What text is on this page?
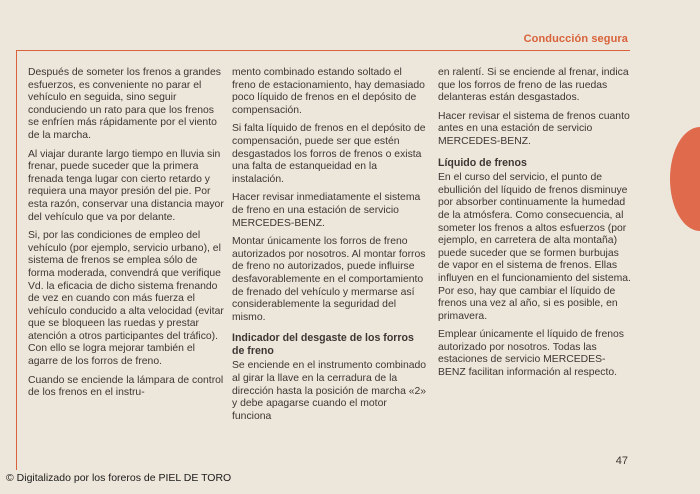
Conducción segura

Después de someter los frenos a grandes esfuerzos, es conveniente no parar el vehículo en seguida, sino seguir conduciendo un rato para que los frenos se enfríen más rápidamente por el viento de la marcha.

Al viajar durante largo tiempo en lluvia sin frenar, puede suceder que la primera frenada tenga lugar con cierto retardo y requiera una mayor presión del pie. Por esta razón, conservar una distancia mayor del vehículo que va por delante.

Si, por las condiciones de empleo del vehículo (por ejemplo, servicio urbano), el sistema de frenos se emplea sólo de forma moderada, convendrá que verifique Vd. la eficacia de dicho sistema frenando de vez en cuando con más fuerza el vehículo conducido a alta velocidad (evitar que se bloqueen las ruedas y prestar atención a otros participantes del tráfico). Con ello se logra mejorar también el agarre de los forros de freno.

Cuando se enciende la lámpara de control de los frenos en el instru-

mento combinado estando soltado el freno de estacionamiento, hay demasiado poco líquido de frenos en el depósito de compensación.

Si falta líquido de frenos en el depósito de compensación, puede ser que estén desgastados los forros de frenos o exista una falta de estanqueidad en la instalación.

Hacer revisar inmediatamente el sistema de freno en una estación de servicio MERCEDES-BENZ.

Montar únicamente los forros de freno autorizados por nosotros. Al montar forros de freno no autorizados, puede influirse desfavorablemente en el comportamiento de frenado del vehículo y mermarse así considerablemente la seguridad del mismo.

Indicador del desgaste de los forros de freno

Se enciende en el instrumento combinado al girar la llave en la cerradura de la dirección hasta la posición de marcha «2» y debe apagarse cuando el motor funciona

en ralentí. Si se enciende al frenar, indica que los forros de freno de las ruedas delanteras están desgastados.

Hacer revisar el sistema de frenos cuanto antes en una estación de servicio MERCEDES-BENZ.

Líquido de frenos

En el curso del servicio, el punto de ebullición del líquido de frenos disminuye por absorber continuamente la humedad de la atmósfera. Como consecuencia, al someter los frenos a altos esfuerzos (por ejemplo, en carretera de alta montaña) puede suceder que se formen burbujas de vapor en el sistema de frenos. Ellas influyen en el funcionamiento del sistema. Por eso, hay que cambiar el líquido de frenos una vez al año, si es posible, en primavera.

Emplear únicamente el líquido de frenos autorizado por nosotros. Todas las estaciones de servicio MERCEDES-BENZ facilitan información al respecto.

47
© Digitalizado por los foreros de PIEL DE TORO
